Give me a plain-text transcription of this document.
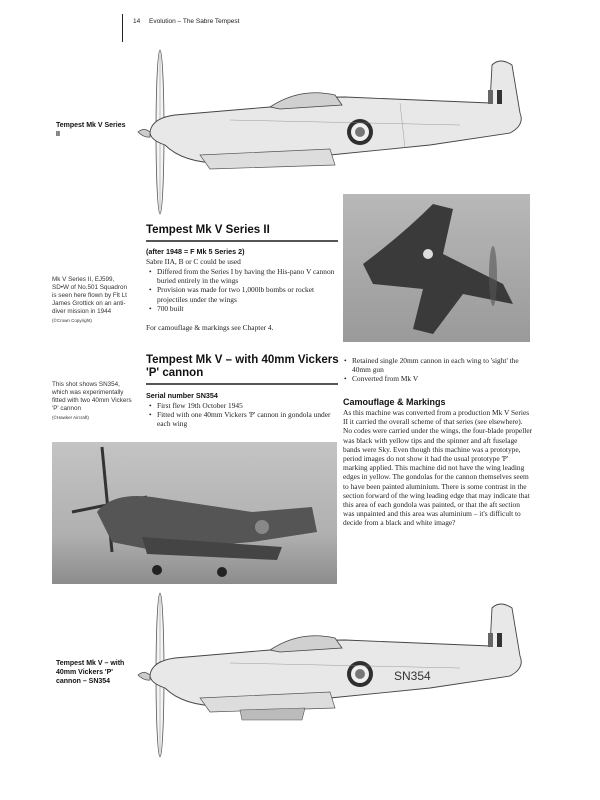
14 Evolution – The Sabre Tempest
Tempest Mk V Series II
Tempest Mk V Series II
(after 1948 = F Mk 5 Series 2)
Sabre IIA, B or C could be used
• Differed from the Series I by having the His-pano V cannon buried entirely in the wings
• Provision was made for two 1,000lb bombs or rocket projectiles under the wings
• 700 built
For camouflage & markings see Chapter 4.
Mk V Series II, EJ599, SD•W of No.501 Squadron is seen here flown by Flt Lt James Grottick on an anti-diver mission in 1944
(©Crown Copyright)
Tempest Mk V – with 40mm Vickers 'P' cannon
Serial number SN354
• First flew 19th October 1945
• Fitted with one 40mm Vickers 'P' cannon in gondola under each wing
• Retained single 20mm cannon in each wing to 'sight' the 40mm gun
• Converted from Mk V
Camouflage & Markings
As this machine was converted from a production Mk V Series II it carried the overall scheme of that series (see elsewhere). No codes were carried under the wings, the four-blade propeller was black with yellow tips and the spinner and aft fuselage bands were Sky. Even though this machine was a prototype, period images do not show it had the usual prototype 'P' marking applied. This machine did not have the wing leading edges in yellow. The gondolas for the cannon themselves seem to have been painted aluminium. There is some contrast in the section forward of the wing leading edge that may indicate that this area of each gondola was painted, or that the aft section was unpainted and this area was aluminium – it's difficult to decide from a black and white image?
This shot shows SN354, which was experimentally fitted with two 40mm Vickers 'P' cannon
(©Hawker Aircraft)
SN354
Tempest Mk V – with 40mm Vickers 'P' cannon – SN354
